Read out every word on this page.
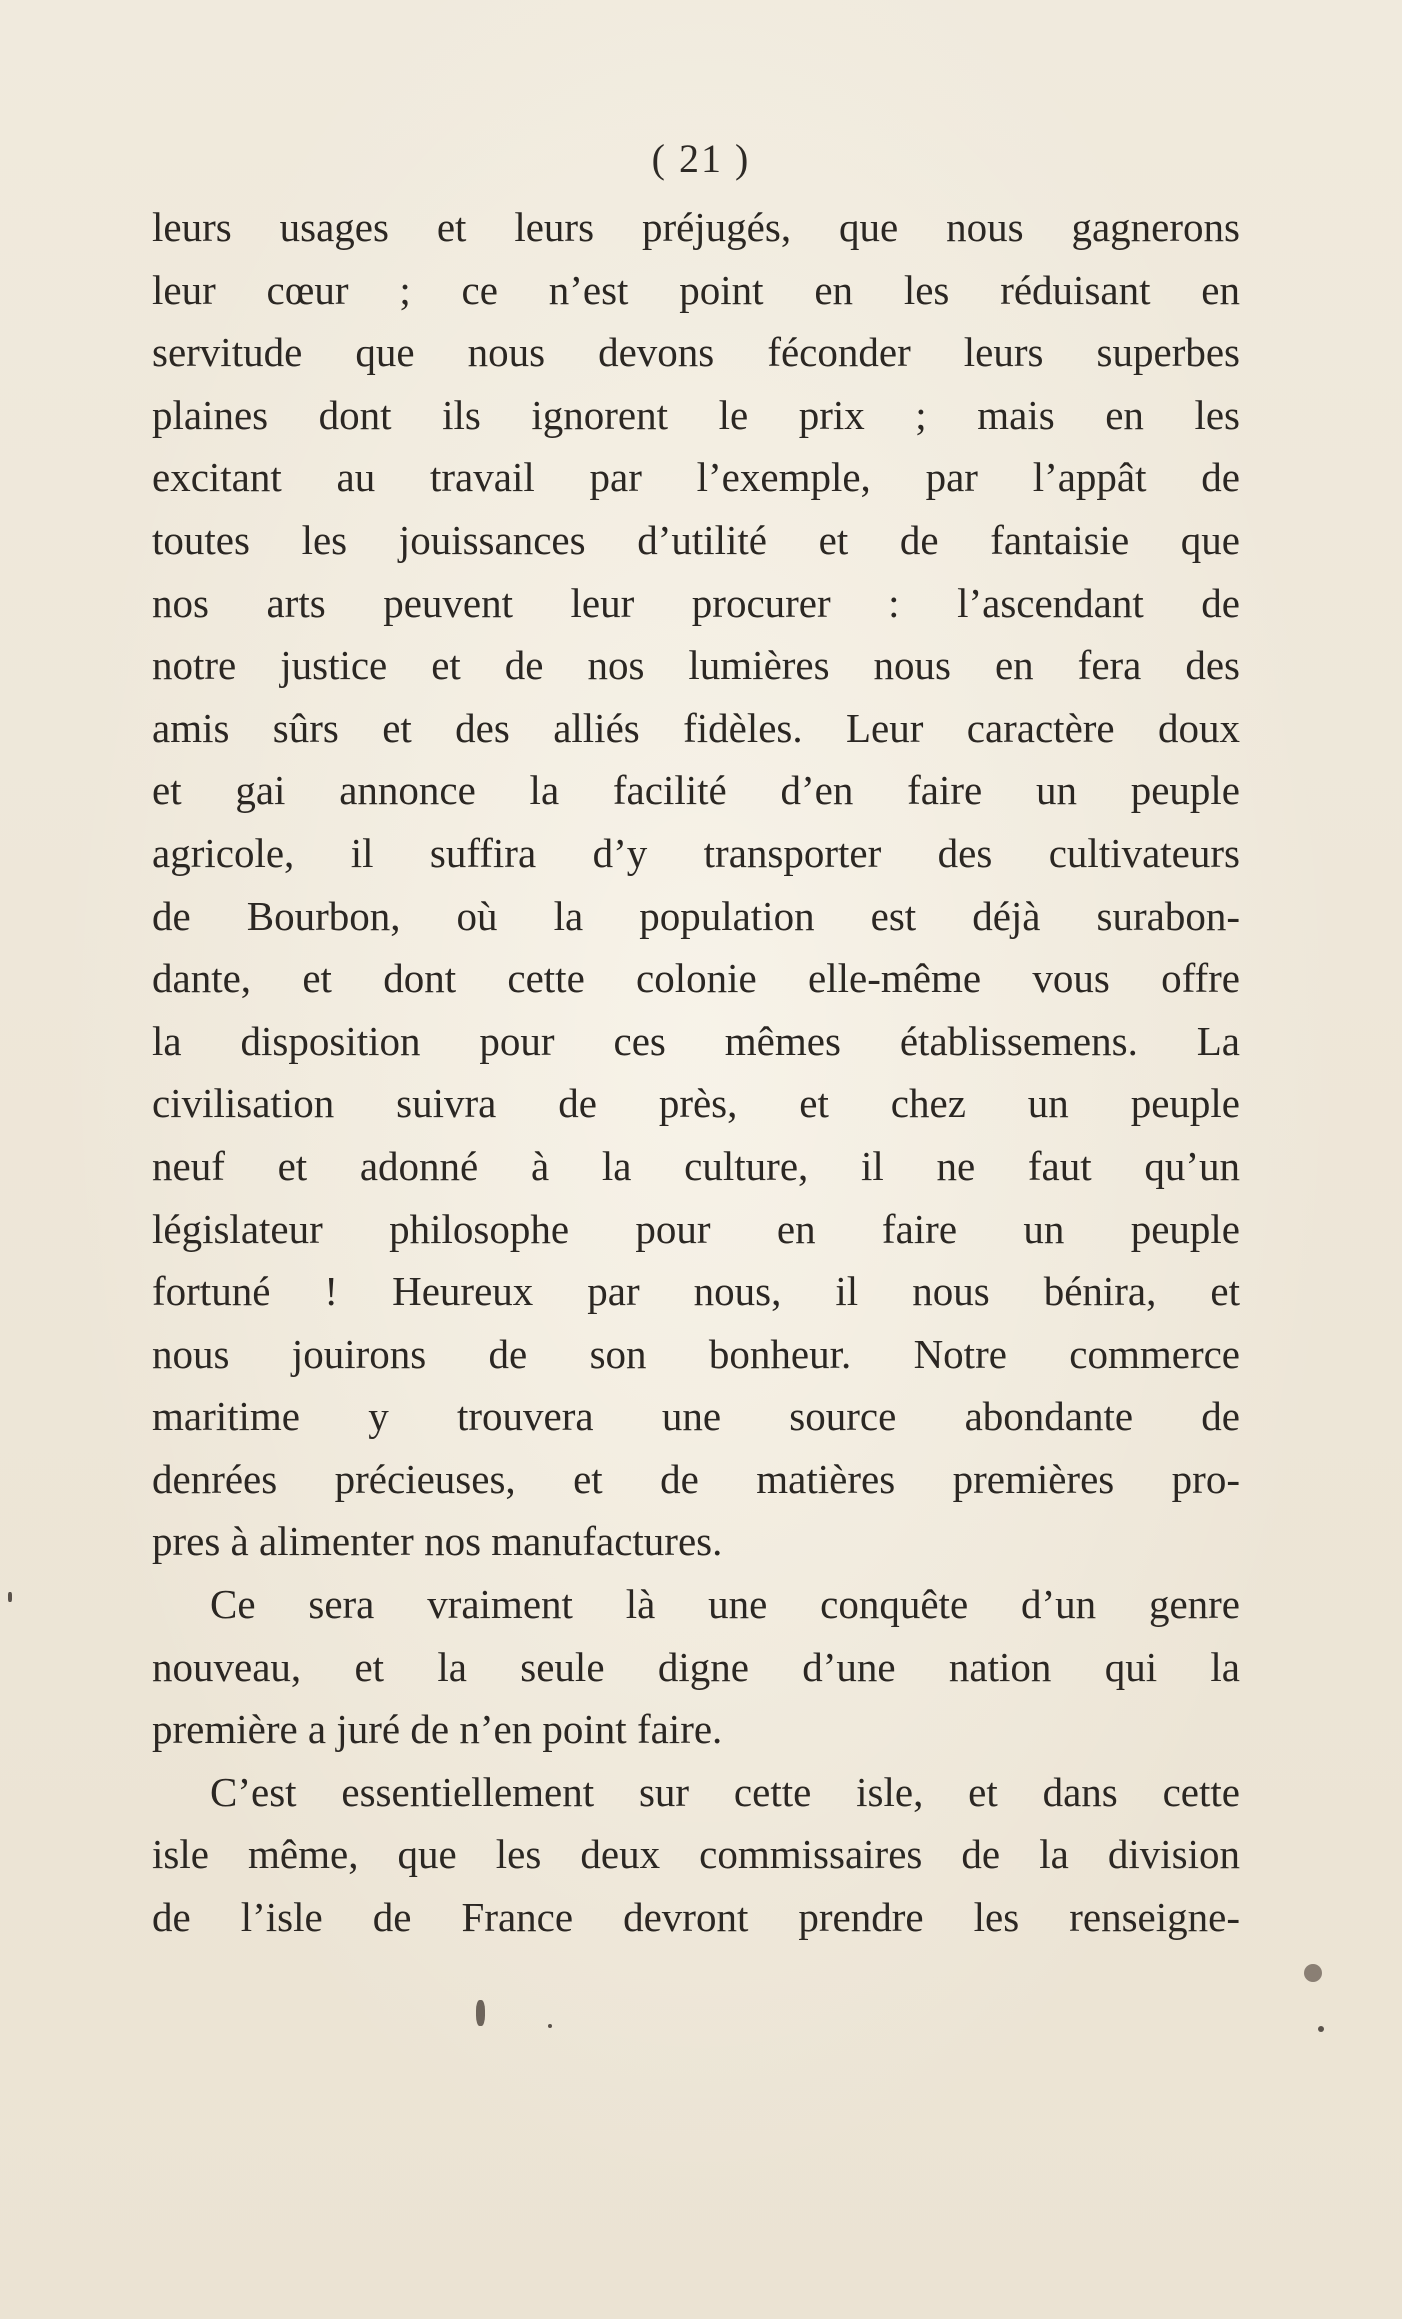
( 21 )
leurs usages et leurs préjugés, que nous gagnerons
leur cœur ; ce n’est point en les réduisant en
servitude que nous devons féconder leurs superbes
plaines dont ils ignorent le prix ; mais en les
excitant au travail par l’exemple, par l’appât de
toutes les jouissances d’utilité et de fantaisie que
nos arts peuvent leur procurer : l’ascendant de
notre justice et de nos lumières nous en fera des
amis sûrs et des alliés fidèles. Leur caractère doux
et gai annonce la facilité d’en faire un peuple
agricole, il suffira d’y transporter des cultivateurs
de Bourbon, où la population est déjà surabon-
dante, et dont cette colonie elle-même vous offre
la disposition pour ces mêmes établissemens. La
civilisation suivra de près, et chez un peuple
neuf et adonné à la culture, il ne faut qu’un
législateur philosophe pour en faire un peuple
fortuné ! Heureux par nous, il nous bénira, et
nous jouirons de son bonheur. Notre commerce
maritime y trouvera une source abondante de
denrées précieuses, et de matières premières pro-
pres à alimenter nos manufactures.
Ce sera vraiment là une conquête d’un genre
nouveau, et la seule digne d’une nation qui la
première a juré de n’en point faire.
C’est essentiellement sur cette isle, et dans cette
isle même, que les deux commissaires de la division
de l’isle de France devront prendre les renseigne-
